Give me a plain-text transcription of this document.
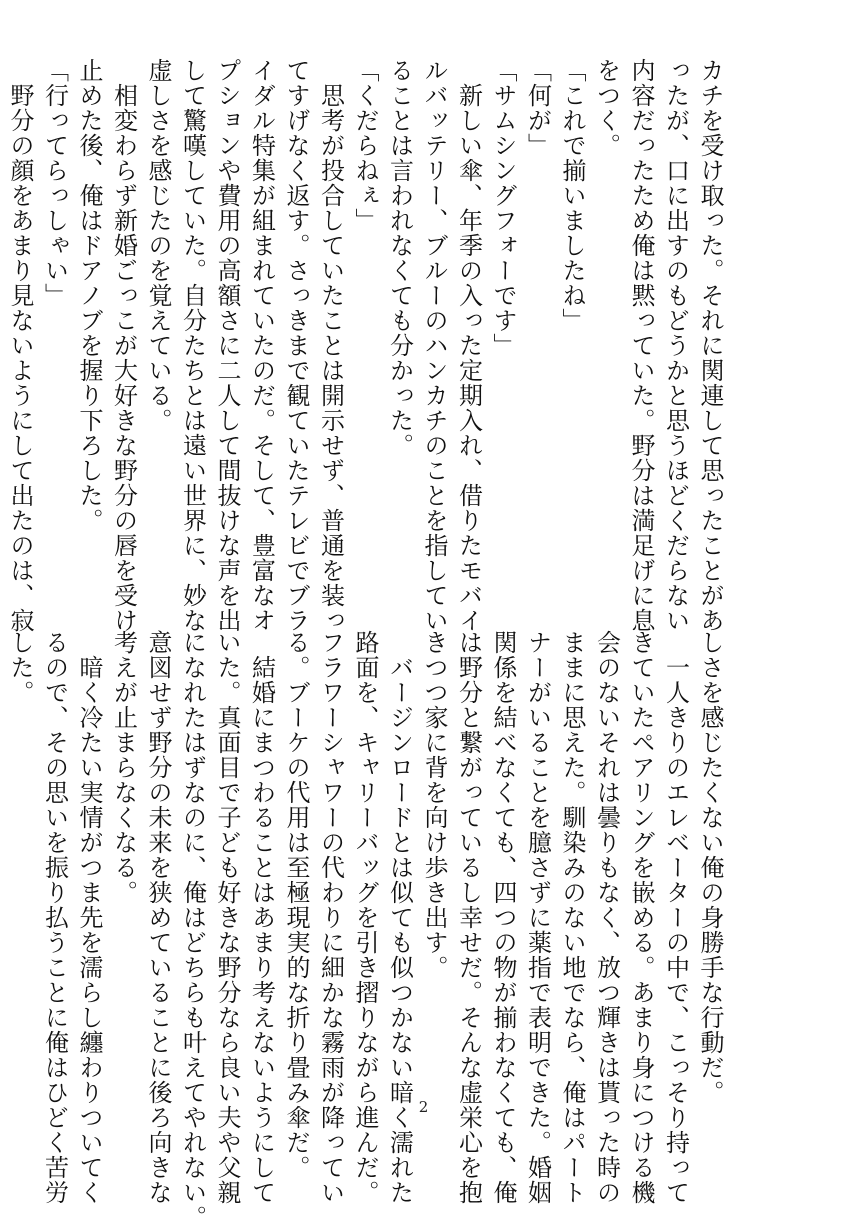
カチを受け取った。それに関連して思ったことがあ
ったが、口に出すのもどうかと思うほどくだらない
内容だったため俺は黙っていた。野分は満足げに息
をつく。
「これで揃いましたね」
「何が」
「サムシングフォーです」
　新しい傘、年季の入った定期入れ、借りたモバイ
ルバッテリー、ブルーのハンカチのことを指してい
ることは言われなくても分かった。
「くだらねぇ」
　思考が投合していたことは開示せず、普通を装っ
てすげなく返す。さっきまで観ていたテレビでブラ
イダル特集が組まれていたのだ。そして、豊富なオ
プションや費用の高額さに二人して間抜けな声を出
して驚嘆していた。自分たちとは遠い世界に、妙な
虚しさを感じたのを覚えている。
　相変わらず新婚ごっこが大好きな野分の唇を受け
止めた後、俺はドアノブを握り下ろした。
「行ってらっしゃい」
　野分の顔をあまり見ないようにして出たのは、寂
しさを感じたくない俺の身勝手な行動だ。
　一人きりのエレベーターの中で、こっそり持って
きていたペアリングを嵌める。あまり身につける機
会のないそれは曇りもなく、放つ輝きは貰った時の
ままに思えた。馴染みのない地でなら、俺はパート
ナーがいることを臆さずに薬指で表明できた。婚姻
関係を結べなくても、四つの物が揃わなくても、俺
は野分と繋がっているし幸せだ。そんな虚栄心を抱
きつつ家に背を向け歩き出す。
　バージンロードとは似ても似つかない暗く濡れた
路面を、キャリーバッグを引き摺りながら進んだ。
フラワーシャワーの代わりに細かな霧雨が降ってい
る。ブーケの代用は至極現実的な折り畳み傘だ。
　結婚にまつわることはあまり考えないようにして
いた。真面目で子ども好きな野分なら良い夫や父親
になれたはずなのに、俺はどちらも叶えてやれない。
意図せず野分の未来を狭めていることに後ろ向きな
考えが止まらなくなる。
　暗く冷たい実情がつま先を濡らし纏わりついてく
るので、その思いを振り払うことに俺はひどく苦労
した。
2
